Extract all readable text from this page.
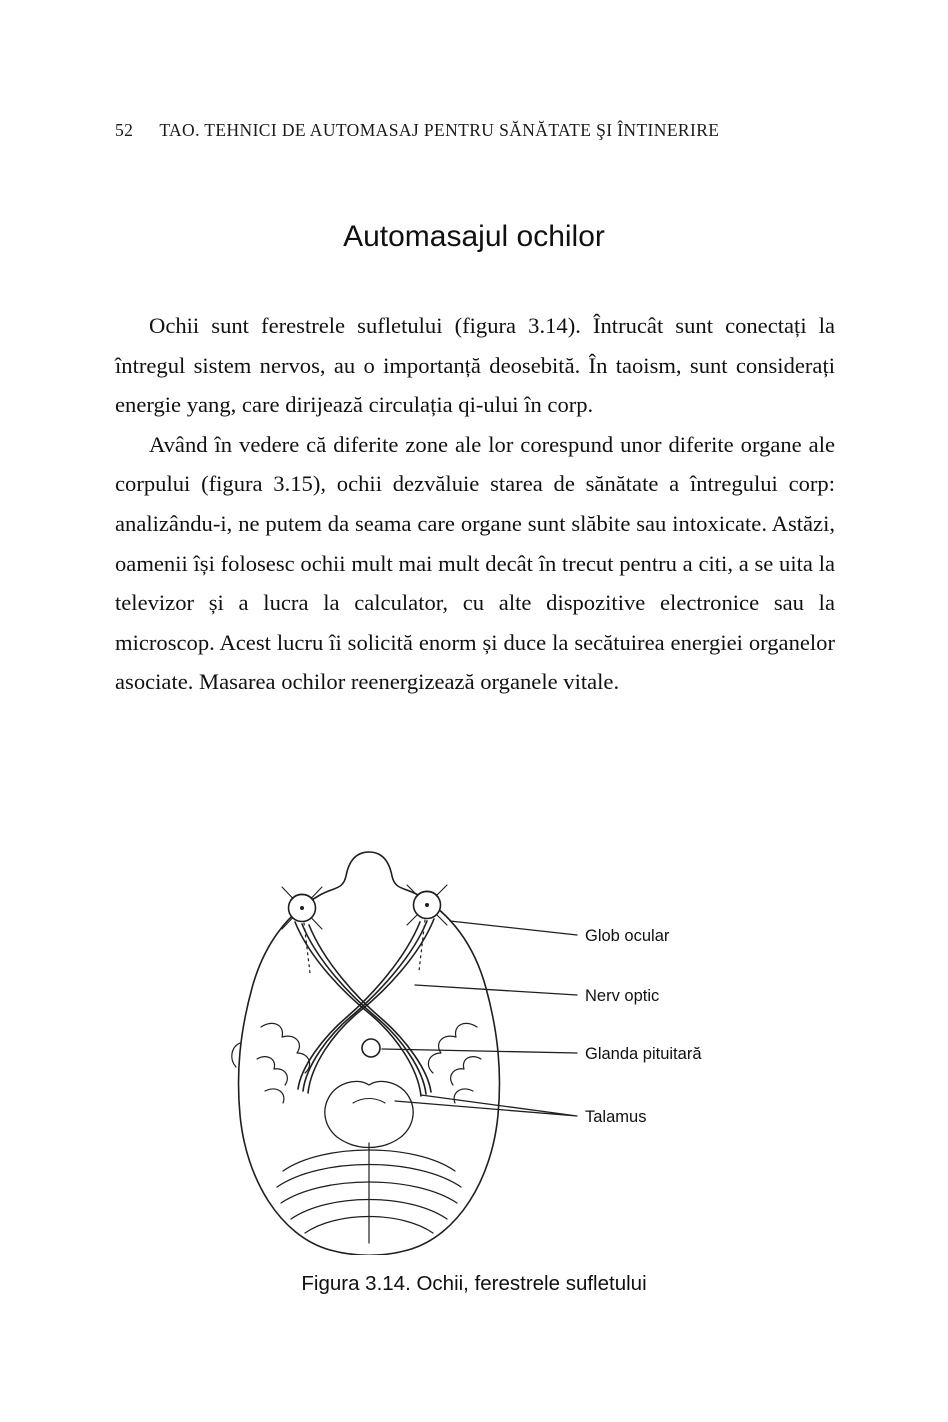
52 TAO. TEHNICI DE AUTOMASAJ PENTRU SĂNĂTATE ŞI ÎNTINERIRE
Automasajul ochilor

Ochii sunt ferestrele sufletului (figura 3.14). Întrucât sunt conectați la întregul sistem nervos, au o importanță deosebită. În taoism, sunt considerați energie yang, care dirijează circulația qi-ului în corp.

Având în vedere că diferite zone ale lor corespund unor diferite organe ale corpului (figura 3.15), ochii dezvăluie starea de sănătate a întregului corp: analizându-i, ne putem da seama care organe sunt slăbite sau intoxicate. Astăzi, oamenii își folosesc ochii mult mai mult decât în trecut pentru a citi, a se uita la televizor și a lucra la calculator, cu alte dispozitive electronice sau la microscop. Acest lucru îi solicită enorm și duce la secătuirea energiei organelor asociate. Masarea ochilor reenergizează organele vitale.

Glob ocular
Nerv optic
Glanda pituitară
Talamus
Figura 3.14. Ochii, ferestrele sufletului
